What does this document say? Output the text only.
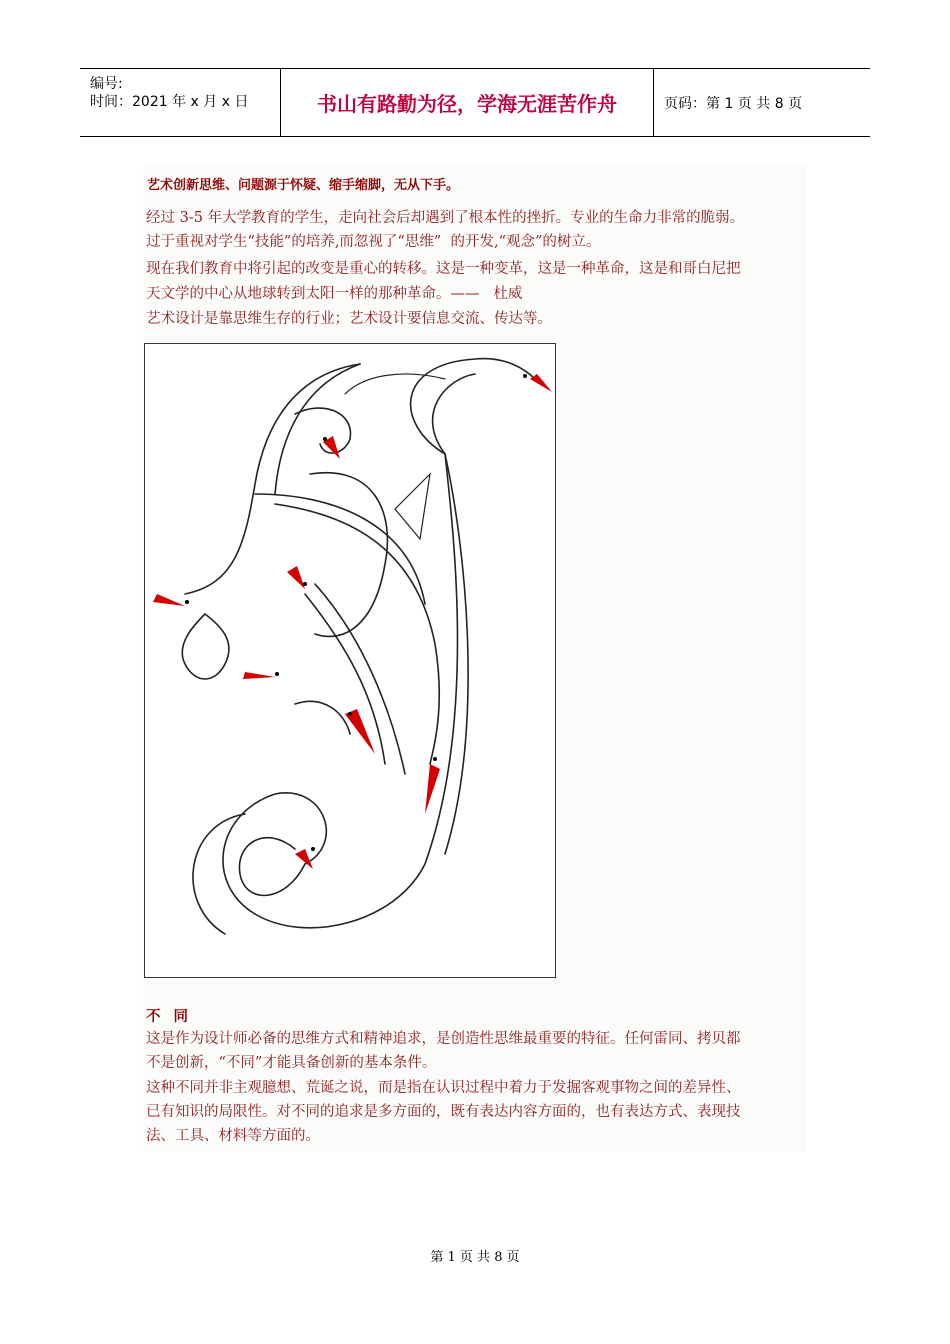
编号:
时间：2021 年 x 月 x 日	书山有路勤为径，学海无涯苦作舟	页码：第 1 页 共 8 页
艺术创新思维、问题源于怀疑、缩手缩脚，无从下手。
经过 3-5 年大学教育的学生，走向社会后却遇到了根本性的挫折。专业的生命力非常的脆弱。
过于重视对学生“技能”的培养,而忽视了“思维”  的开发,“观念”的树立。
现在我们教育中将引起的改变是重心的转移。这是一种变革，这是一种革命，这是和哥白尼把
天文学的中心从地球转到太阳一样的那种革命。——   杜威
艺术设计是靠思维生存的行业；艺术设计要信息交流、传达等。
不 同
这是作为设计师必备的思维方式和精神追求，是创造性思维最重要的特征。任何雷同、拷贝都
不是创新，“不同”才能具备创新的基本条件。
这种不同并非主观臆想、荒诞之说，而是指在认识过程中着力于发掘客观事物之间的差异性、
已有知识的局限性。对不同的追求是多方面的，既有表达内容方面的，也有表达方式、表现技
法、工具、材料等方面的。
第 1 页 共 8 页
